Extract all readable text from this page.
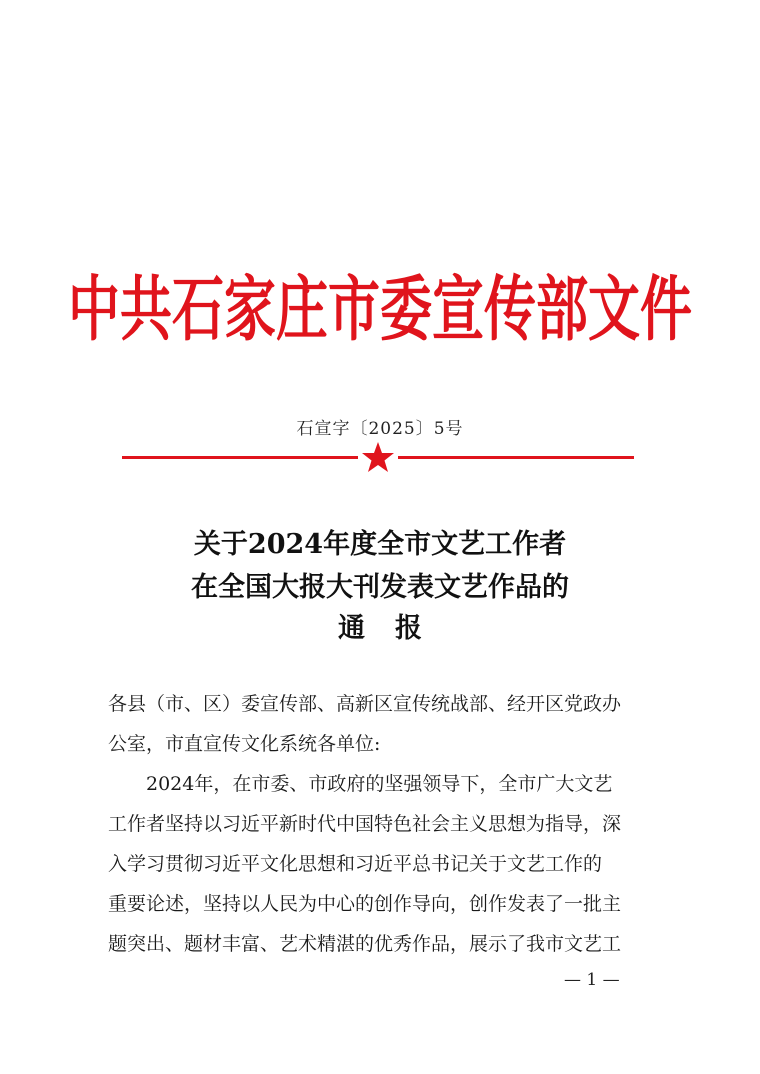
中共石家庄市委宣传部文件
石宣字〔2025〕5号
关于2024年度全市文艺工作者
在全国大报大刊发表文艺作品的
通报
各县（市、区）委宣传部、高新区宣传统战部、经开区党政办
公室，市直宣传文化系统各单位:
　　2024年，在市委、市政府的坚强领导下，全市广大文艺
工作者坚持以习近平新时代中国特色社会主义思想为指导，深
入学习贯彻习近平文化思想和习近平总书记关于文艺工作的
重要论述，坚持以人民为中心的创作导向，创作发表了一批主
题突出、题材丰富、艺术精湛的优秀作品，展示了我市文艺工
— 1 —
